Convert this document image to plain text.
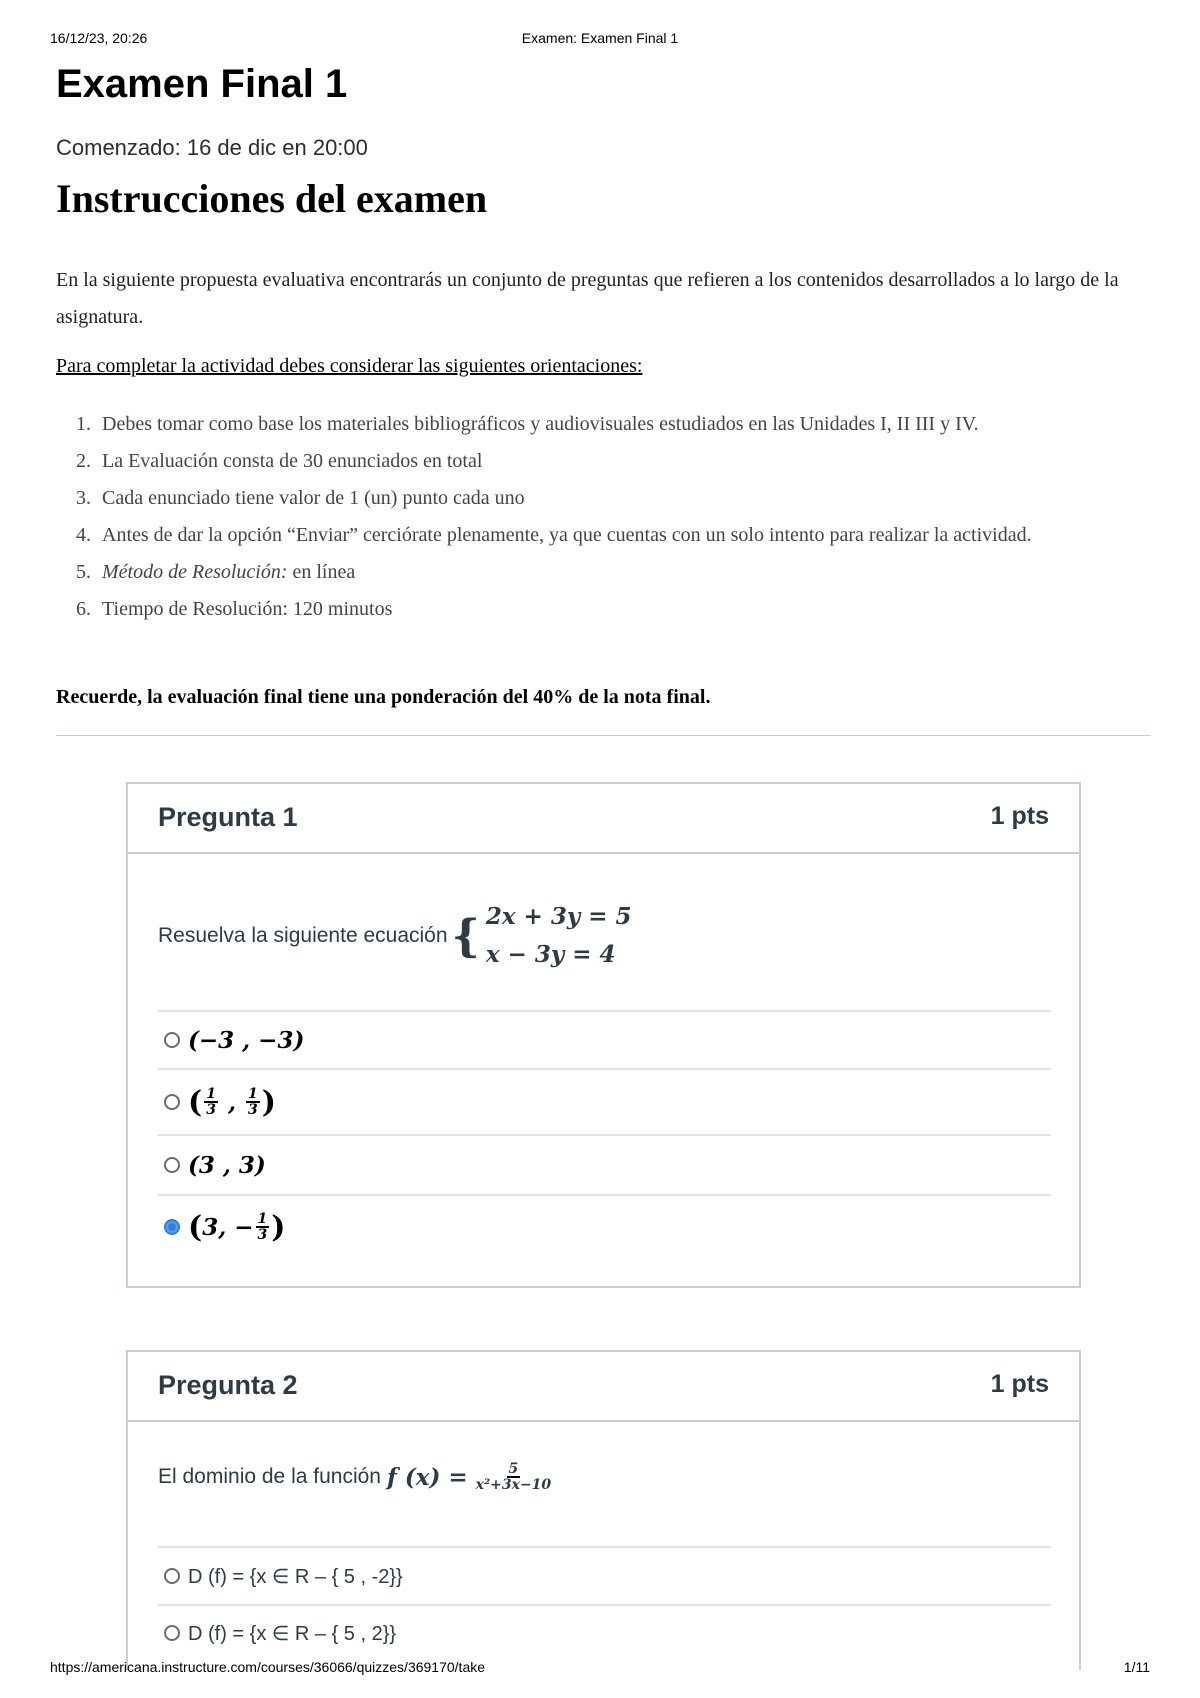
16/12/23, 20:26	Examen: Examen Final 1
Examen Final 1
Comenzado: 16 de dic en 20:00
Instrucciones del examen

En la siguiente propuesta evaluativa encontrarás un conjunto de preguntas que refieren a los contenidos desarrollados a lo largo de la asignatura.

Para completar la actividad debes considerar las siguientes orientaciones:

1. Debes tomar como base los materiales bibliográficos y audiovisuales estudiados en las Unidades I, II III y IV.
2. La Evaluación consta de 30 enunciados en total
3. Cada enunciado tiene valor de 1 (un) punto cada uno
4. Antes de dar la opción “Enviar” cerciórate plenamente, ya que cuentas con un solo intento para realizar la actividad.
5. Método de Resolución: en línea
6. Tiempo de Resolución: 120 minutos

Recuerde, la evaluación final tiene una ponderación del 40% de la nota final.

Pregunta 1	1 pts
Resuelva la siguiente ecuación { 2x + 3y = 5
x − 3y = 4
(−3 , −3)
( $\frac{1}{3}$ , $\frac{1}{3}$ )
(3 , 3)
( 3, − $\frac{1}{3}$ )
Pregunta 2	1 pts
El dominio de la función f $(x) = \frac{5}{\text{x²+3x−10}}$
D (f) = {x ∈ R – { 5 , -2}}
D (f) = {x ∈ R – { 5 , 2}}
https://americana.instructure.com/courses/36066/quizzes/369170/take	1/11
